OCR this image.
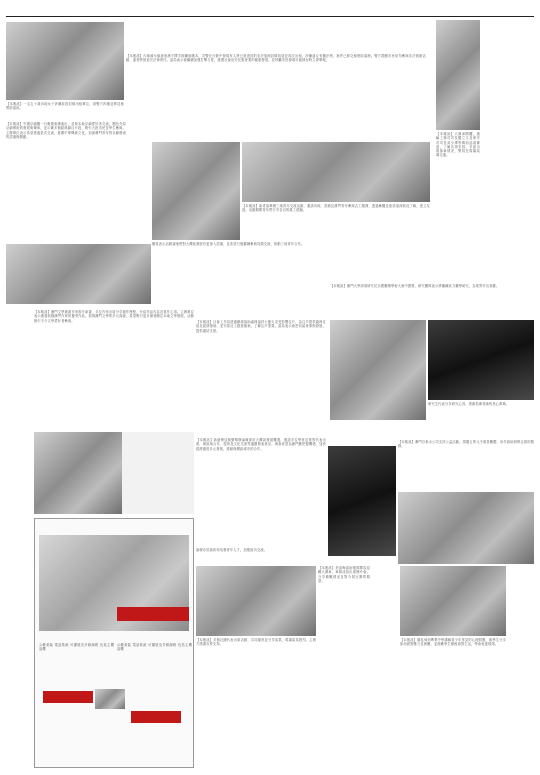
【本報訊】內地婦女偷渡來澳不擇手段賺取賭本，司警在行動中發現有人將已被查封的非法旅館封條拆毀並再次出租，涉嫌違反有關法例，案件已移交檢察院處理。警方提醒市民切勿參與非法旅館活動，違者將被追究法律責任。當局表示會繼續加強打擊力度，維護社會治安及旅遊業的健康發展，並呼籲市民發現可疑情況時立即舉報。
【本報訊】一名五十歲內地女子涉嫌拆毀封條出租單位，被警方拘捕並移送檢察院偵訊。
【本報訊】大賽車開鑼，運輸工務司司長羅立文及保安司司長黃少澤等賽前巡視賽道，了解各項安排。多區出現塞車情況，警員在現場疏導交通。
【本報訊】中國京劇團一行應邀來澳演出，並與本地京劇愛好者交流。團長介紹京劇藝術的發展與傳承，並示範多個經典劇目片段，吸引大批市民及學生參與。主辦單位表示希望透過是次交流，推廣中華傳統文化，加深澳門青年對京劇藝術的認識與興趣。
【本報訊】新青協舉辦三地青年交流活動，邀請內地、香港及澳門青年參與志工服務，透過參觀及座談加深彼此了解，建立友誼。活動期間青年們分享各自的義工經驗。
團員表示活動讓他們對大灣區發展有更深入認識，並希望日後繼續參與同類交流，推動三地青年合作。
【本報訊】澳門大學兩項研究於全國藥劑學術大會中獲獎，研究團隊表示將繼續致力藥學研究，為業界作出貢獻。
研究生代表分享研究心得，感謝指導老師的悉心教導。
【本報訊】澳門文學叢書作家推介新書，多位作家出席分享創作歷程，介紹作品內容及寫作心得。主辦單位表示叢書收錄澳門作家的優秀作品，展現澳門文學的多元面貌，希望吸引更多讀者關注本地文學發展。活動吸引不少文學愛好者參與。	【本報訊】社會工作局透過網絡協助處理福祥大廈火災受影響住戶，為住戶提供臨時住宿及經濟援助，並安排社工跟進個案，了解住戶需要。當局表示會密切留意事態發展，提供適切支援。
【本報訊】澳門自來水公司支持公益活動，捐贈五萬元予慈善團體，用作資助弱勢社群的服務。
【本報訊】新濠博亞娛樂舉辦論壇探討大灣區發展機遇，邀請多位學者及業界代表出席，就區域合作、旅遊及文化交流等議題發表意見。與會者認為澳門應把握機遇，加快經濟適度多元發展，推動與灣區城市的合作。
論壇亦討論如何培養青年人才，加強區內交流。
示範套裝 電話系統 可擴展至多條線路 包括主機 話機
示範套裝 電話系統 可擴展至多條線路 包括主機 話機
【本報訊】多個社團代表出席活動，共同慶祝並分享成果，現場氣氛熱烈。主辦方感謝各界支持。
【本報訊】美高梅資助強隊陣容迎戰大賽車，車隊成員出席簡介會，分享備戰情況及對今屆比賽的期望。
【本報訊】陳兆焯到粵華中學講解青少年常見的心理問題，與學生分享如何面對壓力及困難，並鼓勵學生積極面對生活，學會表達情緒。
